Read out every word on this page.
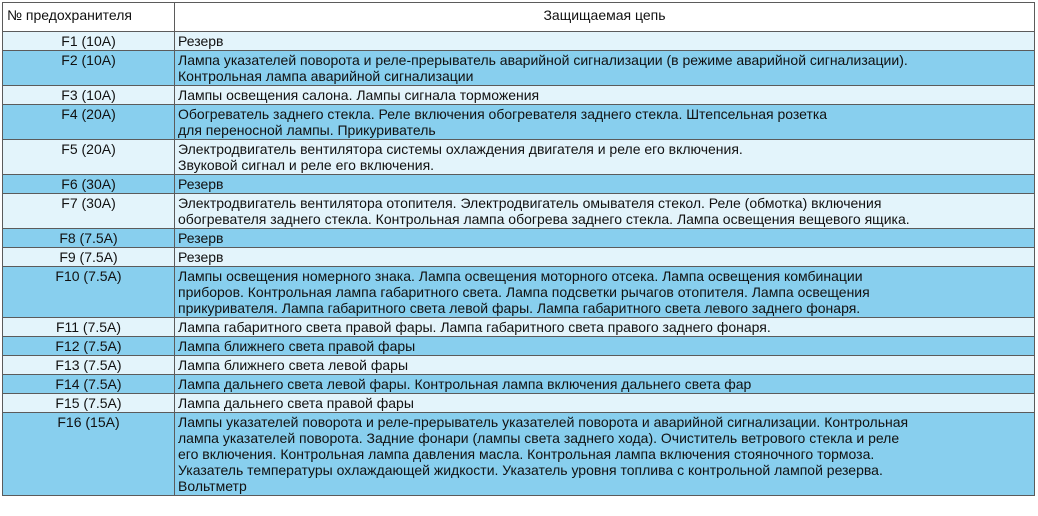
№ предохранителя	Защищаемая цепь
F1 (10A)	Резерв
F2 (10A)	Лампа указателей поворота и реле-прерыватель аварийной сигнализации (в режиме аварийной сигнализации).
Контрольная лампа аварийной сигнализации
F3 (10A)	Лампы освещения салона. Лампы сигнала торможения
F4 (20A)	Обогреватель заднего стекла. Реле включения обогревателя заднего стекла. Штепсельная розетка
для переносной лампы. Прикуриватель
F5 (20A)	Электродвигатель вентилятора системы охлаждения двигателя и реле его включения.
Звуковой сигнал и реле его включения.
F6 (30A)	Резерв
F7 (30A)	Электродвигатель вентилятора отопителя. Электродвигатель омывателя стекол. Реле (обмотка) включения
обогревателя заднего стекла. Контрольная лампа обогрева заднего стекла. Лампа освещения вещевого ящика.
F8 (7.5A)	Резерв
F9 (7.5A)	Резерв
F10 (7.5A)	Лампы освещения номерного знака. Лампа освещения моторного отсека. Лампа освещения комбинации
приборов. Контрольная лампа габаритного света. Лампа подсветки рычагов отопителя. Лампа освещения
прикуривателя. Лампа габаритного света левой фары. Лампа габаритного света левого заднего фонаря.
F11 (7.5A)	Лампа габаритного света правой фары. Лампа габаритного света правого заднего фонаря.
F12 (7.5A)	Лампа ближнего света правой фары
F13 (7.5A)	Лампа ближнего света левой фары
F14 (7.5A)	Лампа дальнего света левой фары. Контрольная лампа включения дальнего света фар
F15 (7.5A)	Лампа дальнего света правой фары
F16 (15A)	Лампы указателей поворота и реле-прерыватель указателей поворота и аварийной сигнализации. Контрольная
лампа указателей поворота. Задние фонари (лампы света заднего хода). Очиститель ветрового стекла и реле
его включения. Контрольная лампа давления масла. Контрольная лампа включения стояночного тормоза.
Указатель температуры охлаждающей жидкости. Указатель уровня топлива с контрольной лампой резерва.
Вольтметр
